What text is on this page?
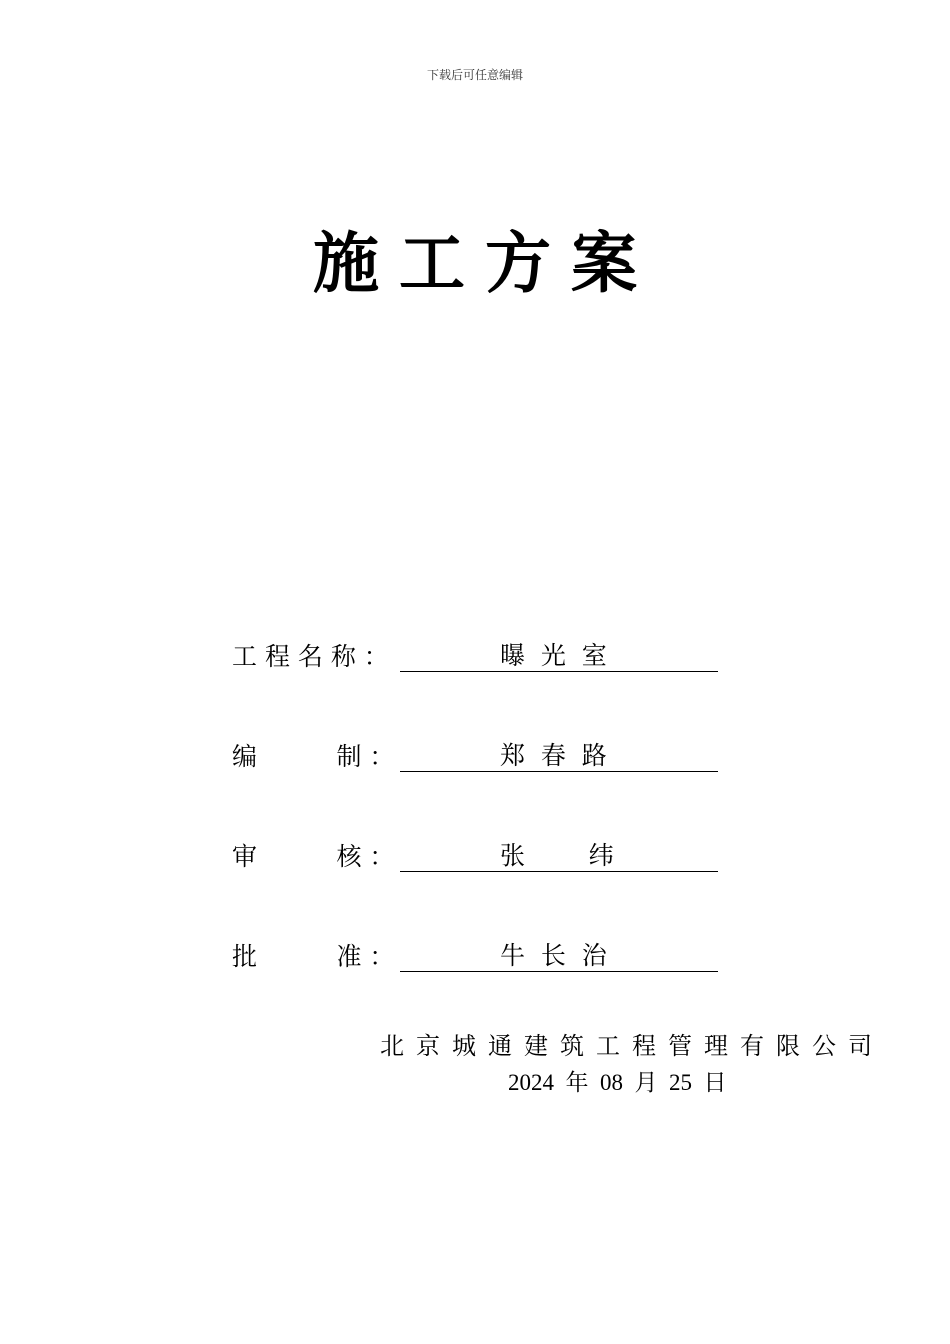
下载后可任意编辑
施工方案
工 程 名 称 ：	曝  光  室
编          制 ：	郑  春  路
审          核 ：	张        纬
批          准 ：	牛  长  治
北京城通建筑工程管理有限公司
2024  年  08  月  25  日
